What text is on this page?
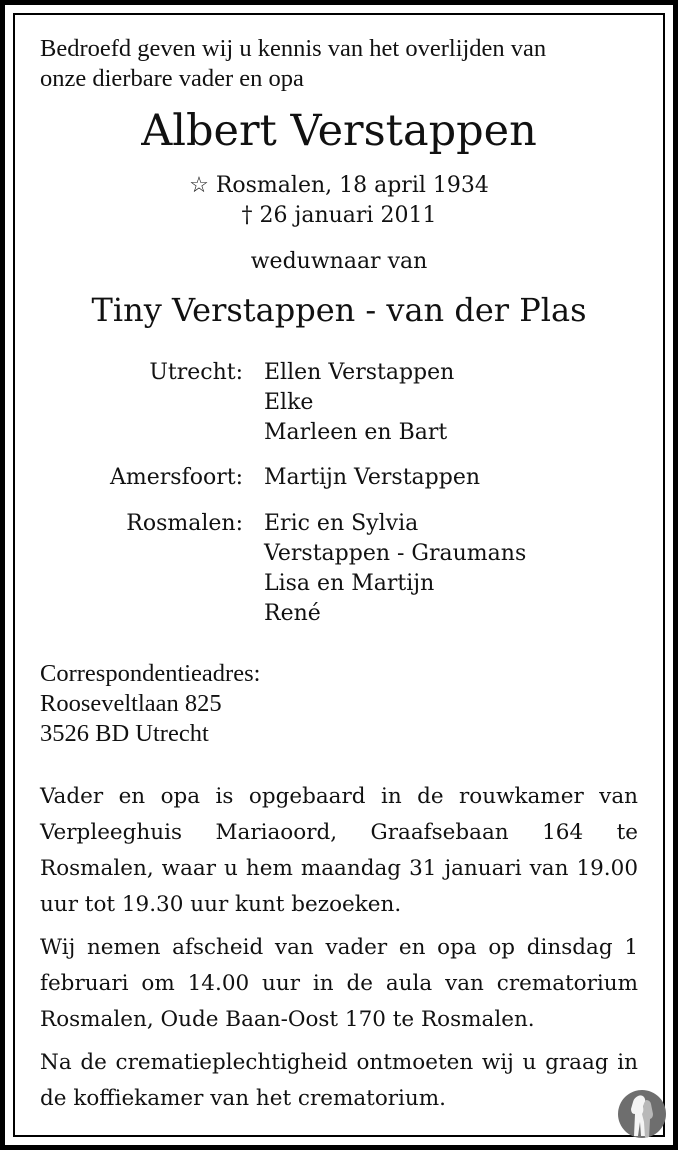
Bedroefd geven wij u kennis van het overlijden van
onze dierbare vader en opa
Albert Verstappen
☆ Rosmalen, 18 april 1934
† 26 januari 2011
weduwnaar van
Tiny Verstappen - van der Plas
Utrecht: Ellen Verstappen
Elke
Marleen en Bart
Amersfoort: Martijn Verstappen
Rosmalen: Eric en Sylvia
Verstappen - Graumans
Lisa en Martijn
René
Correspondentieadres:
Rooseveltlaan 825
3526 BD Utrecht
Vader en opa is opgebaard in de rouwkamer van Verpleeghuis Mariaoord, Graafsebaan 164 te Rosmalen, waar u hem maandag 31 januari van 19.00 uur tot 19.30 uur kunt bezoeken.
Wij nemen afscheid van vader en opa op dinsdag 1 februari om 14.00 uur in de aula van crematorium Rosmalen, Oude Baan-Oost 170 te Rosmalen.
Na de crematieplechtigheid ontmoeten wij u graag in de koffiekamer van het crematorium.
